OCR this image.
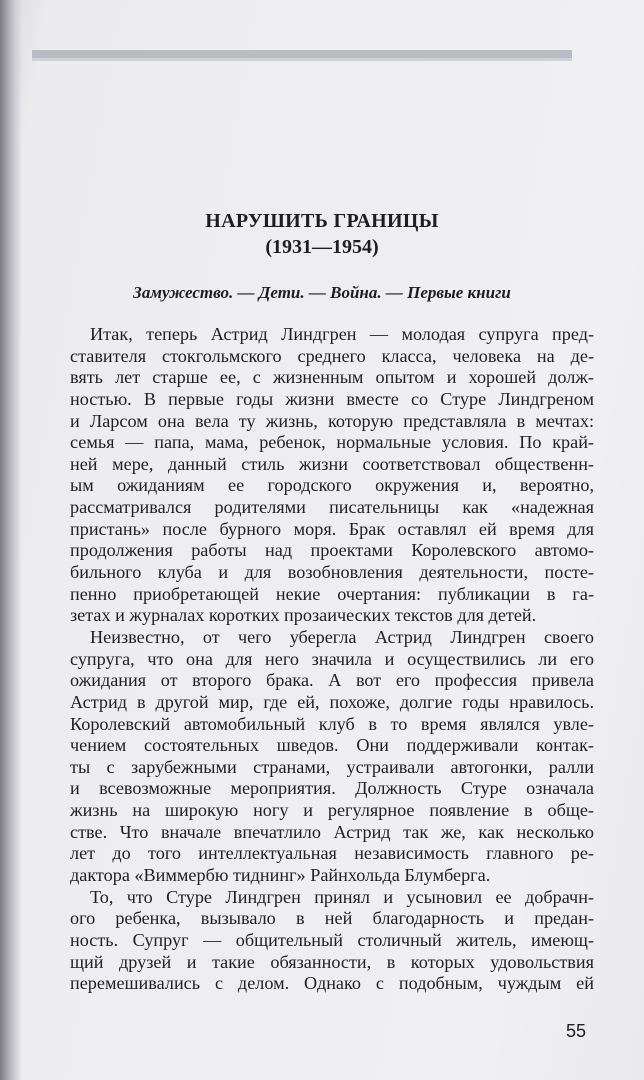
НАРУШИТЬ ГРАНИЦЫ
(1931—1954)
Замужество. — Дети. — Война. — Первые книги
Итак, теперь Астрид Линдгрен — молодая супруга пред-
ставителя стокгольмского среднего класса, человека на де-
вять лет старше ее, с жизненным опытом и хорошей долж-
ностью. В первые годы жизни вместе со Стуре Линдгреном
и Ларсом она вела ту жизнь, которую представляла в мечтах:
семья — папа, мама, ребенок, нормальные условия. По край-
ней мере, данный стиль жизни соответствовал общественн-
ым ожиданиям ее городского окружения и, вероятно,
рассматривался родителями писательницы как «надежная
пристань» после бурного моря. Брак оставлял ей время для
продолжения работы над проектами Королевского автомо-
бильного клуба и для возобновления деятельности, посте-
пенно приобретающей некие очертания: публикации в га-
зетах и журналах коротких прозаических текстов для детей.
Неизвестно, от чего уберегла Астрид Линдгрен своего
супруга, что она для него значила и осуществились ли его
ожидания от второго брака. А вот его профессия привела
Астрид в другой мир, где ей, похоже, долгие годы нравилось.
Королевский автомобильный клуб в то время являлся увле-
чением состоятельных шведов. Они поддерживали контак-
ты с зарубежными странами, устраивали автогонки, ралли
и всевозможные мероприятия. Должность Стуре означала
жизнь на широкую ногу и регулярное появление в обще-
стве. Что вначале впечатлило Астрид так же, как несколько
лет до того интеллектуальная независимость главного ре-
дактора «Виммербю тиднинг» Райнхольда Блумберга.
То, что Стуре Линдгрен принял и усыновил ее добрачн-
ого ребенка, вызывало в ней благодарность и предан-
ность. Супруг — общительный столичный житель, имеющ-
щий друзей и такие обязанности, в которых удовольствия
перемешивались с делом. Однако с подобным, чуждым ей
55
